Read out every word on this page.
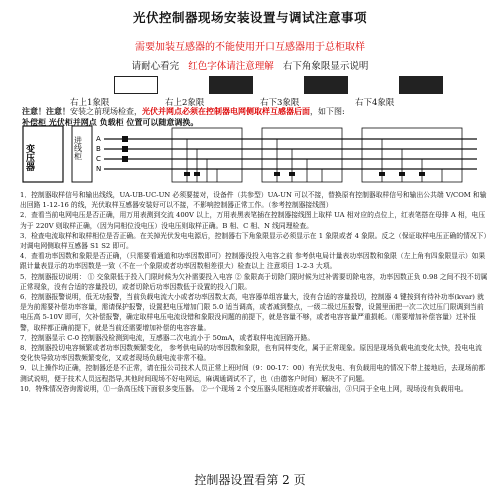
光伏控制器现场安装设置与调试注意事项
需要加装互感器的不能使用开口互感器用于总柜取样
请耐心看完 红色字体请注意理解 右下角象限显示说明
右上1象限	右上2象限	右下3象限	右下4象限
注意！注意！安装之前现场检查，光伏并网点必须在控制器电网侧取样互感器后面，如下图:
补偿柜 光伏柜并网点 负载柜 位置可以随意调换。
变压器	进线柜 A
B
C
N

1．控制器取样信号和输出线线，UA-UB-UC-UN 必须要接对，设备件（共参型）UA-UN 可以不接，替换原有控制器取样信号和输出公共端 V/COM 和输出回路 1-12-16 的线，光伏取样互感器安装好可以不接，不影响控制器正常工作。（参考控制器接线图）

2．查看当前电网电压是否正确，用万用表测到交流 400V 以上，万用表黑表笔插在控制器接线图上取样 UA 相对应的点位上，红表笔搭在母排 A 相，电压为于 220V 则取样正确，（因为同相位没电压）没电压则取样正确。B 相、C 相、N 线同理检查。

3．检查电流取样和取样相位是否正确。在关掉光伏发电电源后，控制器右下角象限显示必须显示在 1 象限或者 4 象限。反之（保证取样电压正确的情况下）对调电网侧取样互感器 S1 S2 即可。

4．查看功率因数和象限是否正确，（只需要看通道和功率因数即可）控制器没投入电容之前 参考供电局计量表功率因数和象限（左上角有四象限显示）如果跟计量表显示的功率因数是一致（不在一个象限或者功率因数相差很大）检查以上 注意项目 1-2-3 大项。

5．控制器报切说明： ① 交象限低于投入门限时候为欠补需要投入电容 ② 象限高于切除门限时候为过补需要切除电容，功率因数正负 0.98 之间不投不切属正常现象，没有合适的容量投切，或者切除后功率因数低于设置的投入门限。

6．控制器报警说明，低无功报警，当前负载电流大小或者功率因数太高，电容器单组容量大，没有合适的容量投切，控制器 4 键按到有待补功率(kvar) 就是为前需要补偿功率容量，需请保护报警，设置把电压增加门限 5.0 适当调高，或者减到整点，一级二级过压报警，设置里面把一次二次过压门限调到当前电压高 5-10V 即可，欠补偿报警，确定取样电压电流设错和象限没问题的前提下，就是容量不够，或者电容容量严重损耗。（需要增加补偿容量）过补报警，取样都正确前提下，就是当前还需要增加补偿的电容容量。

7．控制器显示 C-0 控制器没检测到电流，互感器二次电流小于 50mA，或者取样电流回路开路。

8．控制器投切电容频繁或者功率因数频繁变化， 参考供电局的功率因数和象限，也有同样变化，属于正常现象。原因是现场负载电流变化太快，投电电流变化快导致功率因数频繁变化，又或者现场负载电流非常不稳。

9．以上操作均正确，控制器还是不正常，请在报公司技术人员正常上班时间（9：00-17：00）有光伏发电、有负载用电的情况下带上接地后，去现场前都测试说明，便于技术人员远程指导,其他时间现场不好电网运，麻调通调试不了，也（由德客户时间）解决不了问题。

10．特殊情况咨询需说明，①一条高压线下面很多变压器。 ②一个现场 2 个变压器头尾相连或者并联输出，③只同于全电上网，现场没有负载用电。

控制器设置看第 2 页
